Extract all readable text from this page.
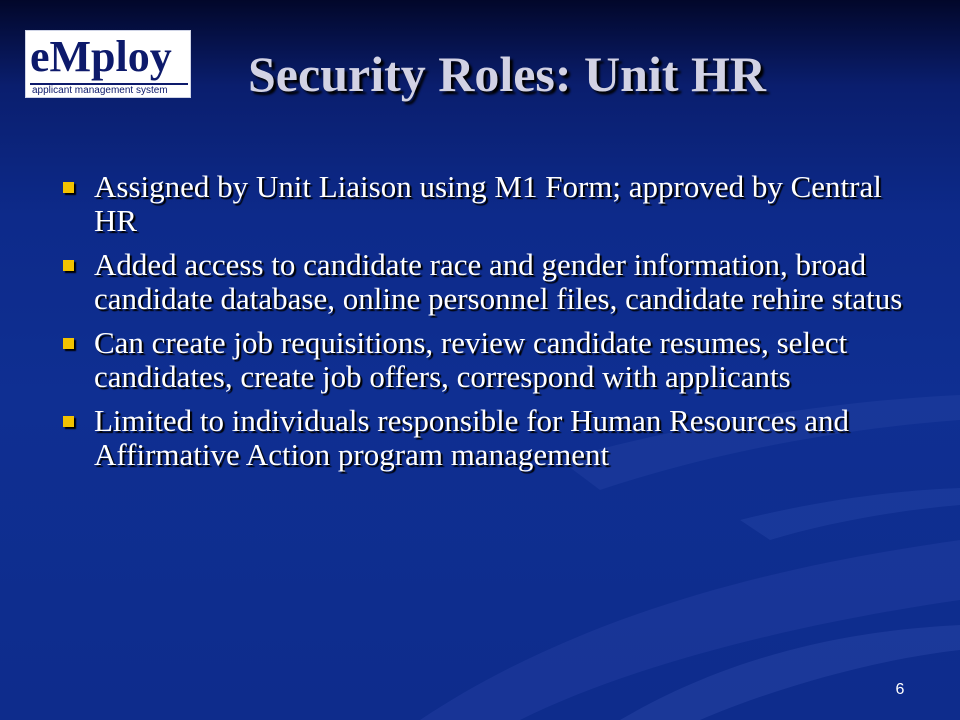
eMploy
applicant management system Security Roles: Unit HR
Assigned by Unit Liaison using M1 Form; approved by Central HR
Added access to candidate race and gender information, broad candidate database, online personnel files, candidate rehire status
Can create job requisitions, review candidate resumes, select candidates, create job offers, correspond with applicants
Limited to individuals responsible for Human Resources and Affirmative Action program management
6
